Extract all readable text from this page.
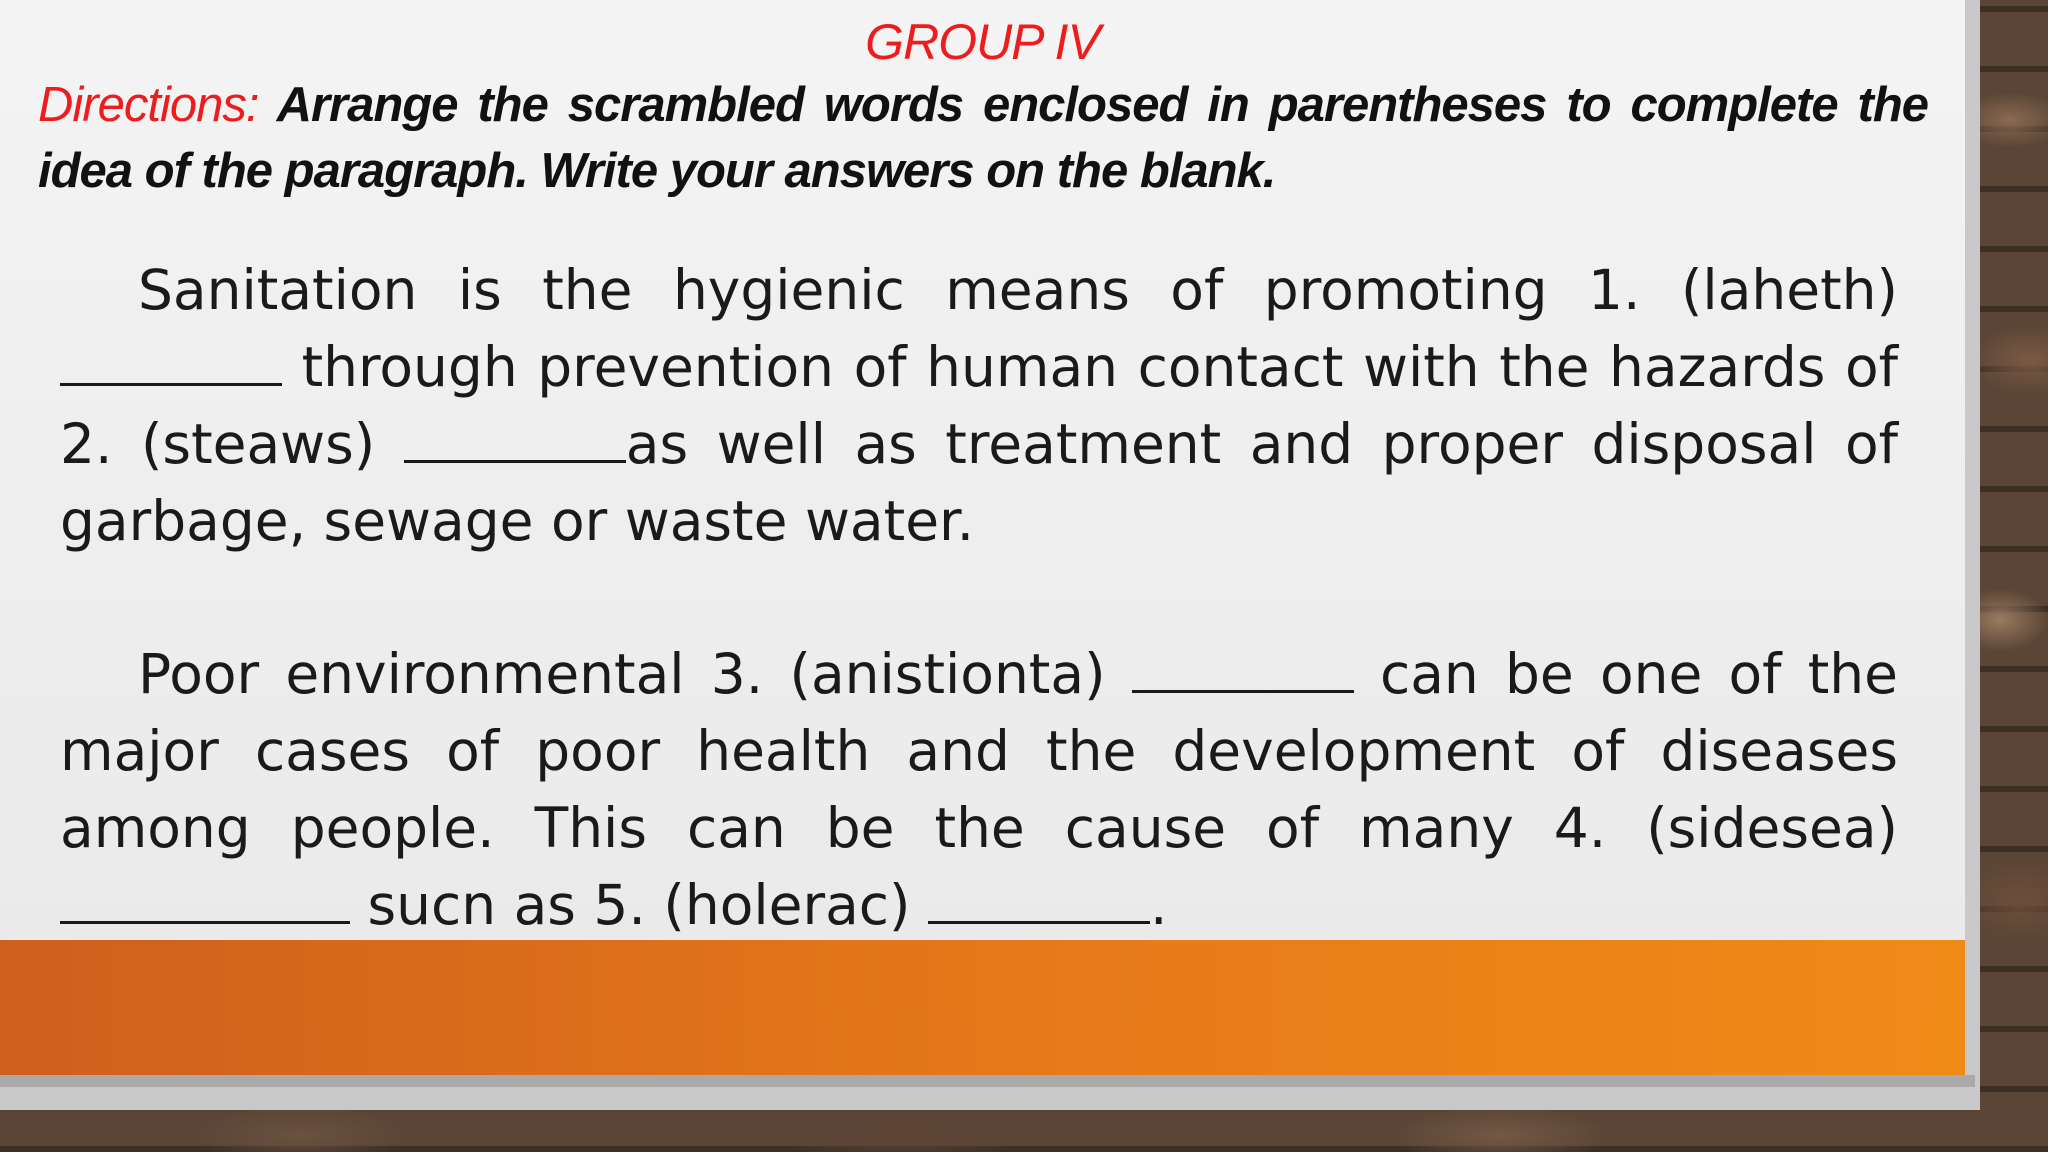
GROUP IV
Directions: Arrange the scrambled words enclosed in parentheses to complete the idea of the paragraph. Write your answers on the blank.
Sanitation is the hygienic means of promoting 1. (laheth)  through prevention of human contact with the hazards of 2. (steaws)	as well as treatment and proper disposal of garbage, sewage or waste water.
Poor environmental 3. (anistionta)	can be one of the major cases of poor health and the development of diseases among people. This can be the cause of many 4. (sidesea)  sucn as 5. (holerac)	.
